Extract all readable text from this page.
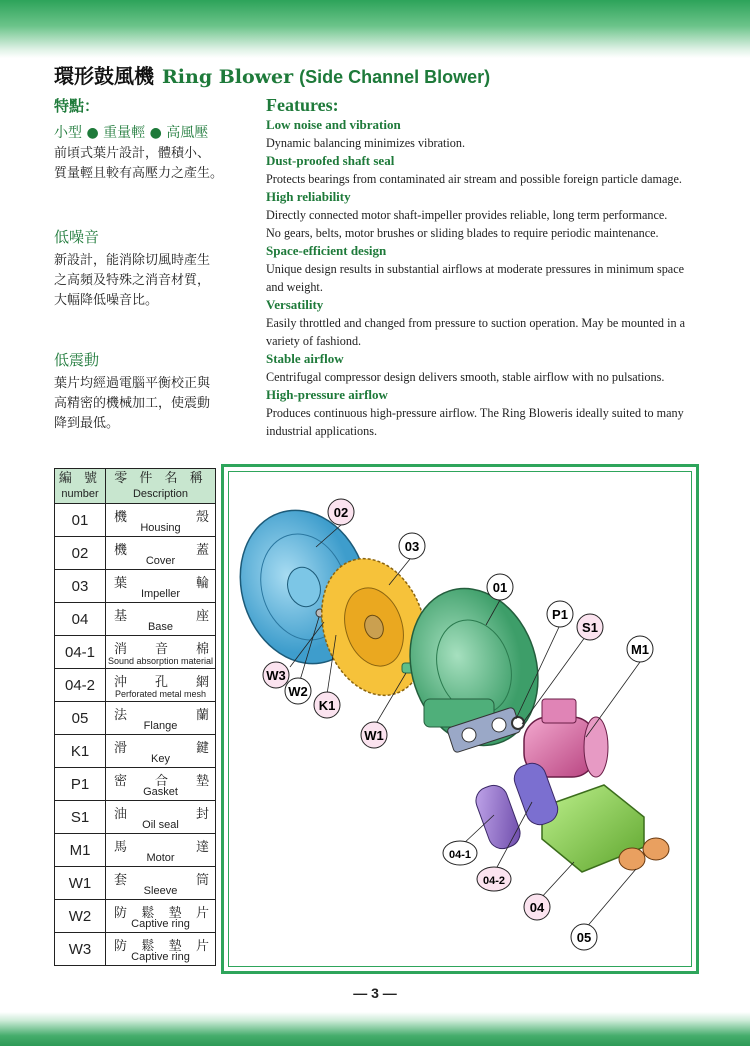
環形鼓風機 Ring Blower (Side Channel Blower)
特點：
小型 ● 重量輕 ● 高風壓
前頃式葉片設計，體積小、
質量輕且較有高壓力之產生。
低噪音
新設計，能消除切風時產生
之高頻及特殊之消音材質，
大幅降低噪音比。
低震動
葉片均經過電腦平衡校正與
高精密的機械加工，使震動
降到最低。
Features:
Low noise and vibration
Dynamic balancing minimizes vibration.
Dust-proofed shaft seal
Protects bearings from contaminated air stream and possible foreign particle damage.
High reliability
Directly connected motor shaft-impeller provides reliable, long term performance.
No gears, belts, motor brushes or sliding blades to require periodic maintenance.
Space-efficient design
Unique design results in substantial airflows at moderate pressures in minimum space
and weight.
Versatility
Easily throttled and changed from pressure to suction operation. May be mounted in a
variety of fashiond.
Stable airflow
Centrifugal compressor design delivers smooth, stable airflow with no pulsations.
High-pressure airflow
Produces continuous high-pressure airflow. The Ring Bloweris ideally suited to many
industrial applications.
編 號
number	零 件 名 稱
Description

01	機 殼
Housing

02	機 蓋
Cover

03	葉 輪
Impeller

04	基 座
Base

04-1	消 音 棉
Sound absorption material

04-2	沖 孔 網
Perforated metal mesh

05	法 蘭
Flange

K1	滑 鍵
Key

P1	密 合 墊
Gasket

S1	油 封
Oil seal

M1	馬 達
Motor

W1	套 筒
Sleeve

W2	防 鬆 墊 片
Captive ring

W3	防 鬆 墊 片
Captive ring
02
03
01
P1
S1
M1
W3
W2
K1
W1
04-1
04-2
04
05
— 3 —
